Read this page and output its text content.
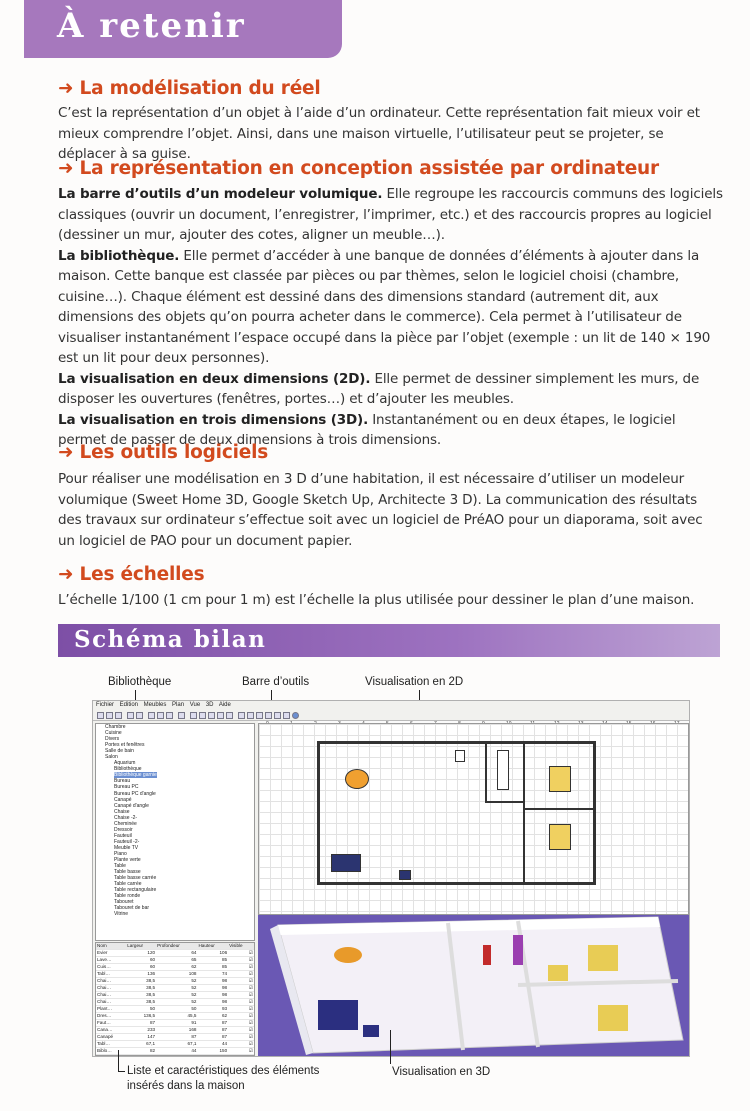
À retenir
➜ La modélisation du réel
C’est la représentation d’un objet à l’aide d’un ordinateur. Cette représentation fait mieux voir et mieux comprendre l’objet. Ainsi, dans une maison virtuelle, l’utilisateur peut se projeter, se déplacer à sa guise.
➜ La représentation en conception assistée par ordinateur
La barre d’outils d’un modeleur volumique. Elle regroupe les raccourcis communs des logiciels classiques (ouvrir un document, l’enregistrer, l’imprimer, etc.) et des raccourcis propres au logiciel (dessiner un mur, ajouter des cotes, aligner un meuble…).
La bibliothèque. Elle permet d’accéder à une banque de données d’éléments à ajouter dans la maison. Cette banque est classée par pièces ou par thèmes, selon le logiciel choisi (chambre, cuisine…). Chaque élément est dessiné dans des dimensions standard (autrement dit, aux dimensions des objets qu’on pourra acheter dans le commerce). Cela permet à l’utilisateur de visualiser instantanément l’espace occupé dans la pièce par l’objet (exemple : un lit de 140 × 190 est un lit pour deux personnes).
La visualisation en deux dimensions (2D). Elle permet de dessiner simplement les murs, de disposer les ouvertures (fenêtres, portes…) et d’ajouter les meubles.
La visualisation en trois dimensions (3D). Instantanément ou en deux étapes, le logiciel permet de passer de deux dimensions à trois dimensions.
➜ Les outils logiciels
Pour réaliser une modélisation en 3 D d’une habitation, il est nécessaire d’utiliser un modeleur volumique (Sweet Home 3D, Google Sketch Up, Architecte 3 D). La communication des résultats des travaux sur ordinateur s’effectue soit avec un logiciel de PréAO pour un diaporama, soit avec un logiciel de PAO pour un document papier.
➜ Les échelles
L’échelle 1/100 (1 cm pour 1 m) est l’échelle la plus utilisée pour dessiner le plan d’une maison.
Schéma bilan
Bibliothèque	Barre d’outils	Visualisation en 2D
Fichier Edition Meubles Plan Vue 3D Aide
Chambre
Cuisine
Divers
Portes et fenêtres
Salle de bain
Salon
Aquarium
Bibliothèque
Bibliothèque garnie
Bureau
Bureau PC
Bureau PC d'angle
Canapé
Canapé d'angle
Chaise
Chaise -2-
Cheminée
Dressoir
Fauteuil
Fauteuil -2-
Meuble TV
Piano
Plante verte
Table
Table basse
Table basse carrée
Table carrée
Table rectangulaire
Table ronde
Tabouret
Tabouret de bar
Vitrine
Nom	Largeur	Profondeur	Hauteur	Visible
Evier	120	64	106	☑
Lave…	60	65	85	☑
Cuis…	60	62	85	☑
Tabl…	136	108	74	☑
Chai…	38,5	52	98	☑
Chai…	38,5	52	98	☑
Chai…	38,5	52	98	☑
Chai…	38,5	52	98	☑
Plant…	50	50	93	☑
Dres…	136,5	45,5	62	☑
Faut…	87	91	87	☑
Cana…	233	168	87	☑
Canapé	147	87	87	☑
Tabl…	67,1	67,1	44	☑
Biblo…	82	44	150	☑
Visualisation en 3D
Liste et caractéristiques des éléments
insérés dans la maison
